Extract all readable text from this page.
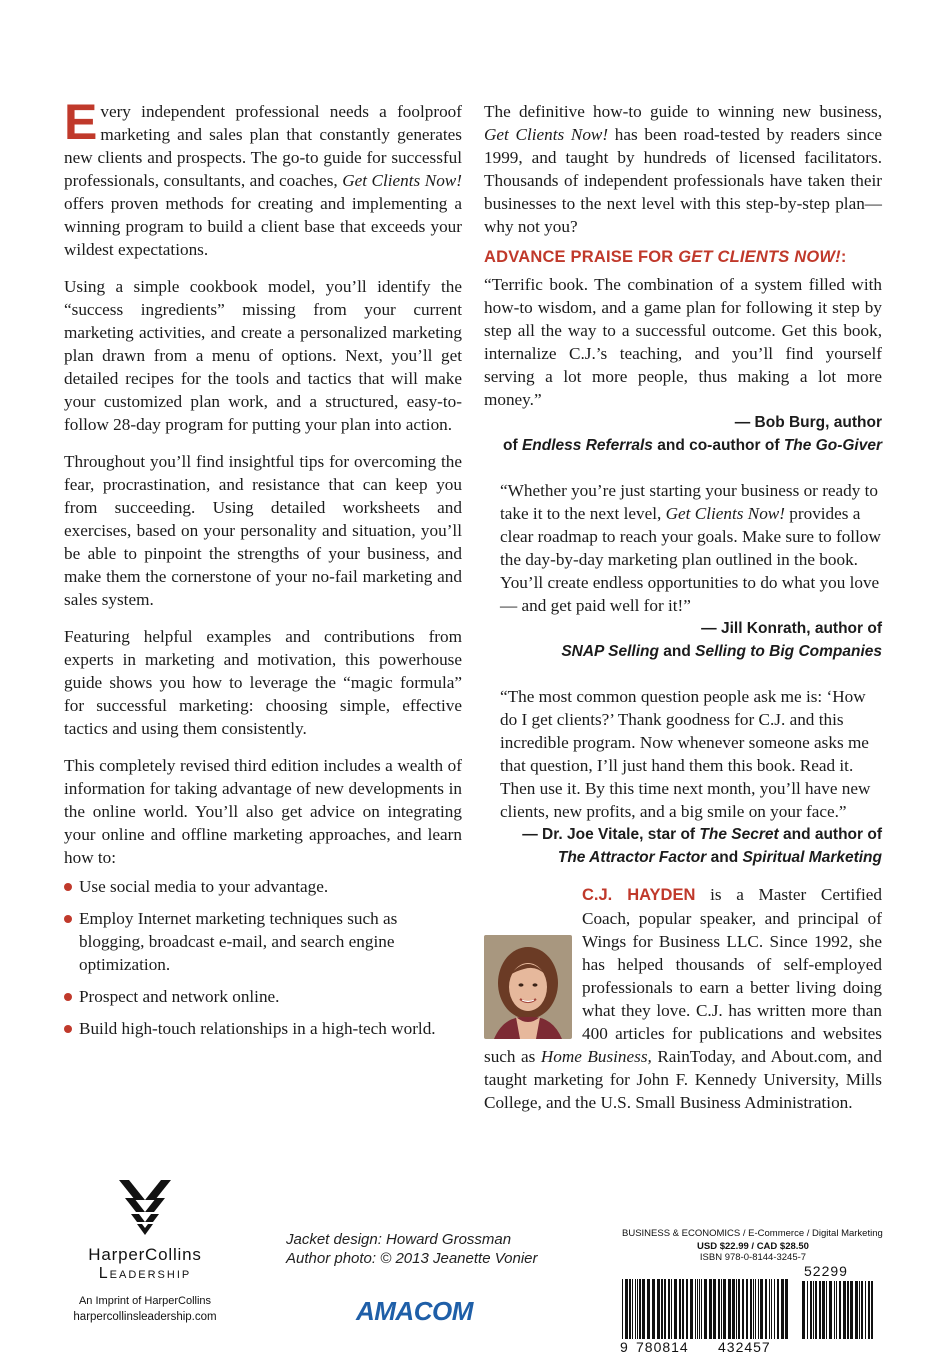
Every independent professional needs a foolproof marketing and sales plan that constantly generates new clients and prospects. The go-to guide for successful professionals, consultants, and coaches, Get Clients Now! offers proven methods for creating and implementing a winning program to build a client base that exceeds your wildest expectations.

Using a simple cookbook model, you’ll identify the “success ingredients” missing from your current marketing activities, and create a personalized marketing plan drawn from a menu of options. Next, you’ll get detailed recipes for the tools and tactics that will make your customized plan work, and a structured, easy-to-follow 28-day program for putting your plan into action.

Throughout you’ll find insightful tips for overcoming the fear, procrastination, and resistance that can keep you from succeeding. Using detailed worksheets and exercises, based on your personality and situation, you’ll be able to pinpoint the strengths of your business, and make them the cornerstone of your no-fail marketing and sales system.

Featuring helpful examples and contributions from experts in marketing and motivation, this powerhouse guide shows you how to leverage the “magic formula” for successful marketing: choosing simple, effective tactics and using them consistently.

This completely revised third edition includes a wealth of information for taking advantage of new developments in the online world. You’ll also get advice on integrating your online and offline marketing approaches, and learn how to:

Use social media to your advantage.
Employ Internet marketing techniques such as blogging, broadcast e-mail, and search engine optimization.
Prospect and network online.
Build high-touch relationships in a high-tech world.

The definitive how-to guide to winning new business, Get Clients Now! has been road-tested by readers since 1999, and taught by hundreds of licensed facilitators. Thousands of independent professionals have taken their businesses to the next level with this step-by-step plan—why not you?

ADVANCE PRAISE FOR GET CLIENTS NOW!:

“Terrific book. The combination of a system filled with how-to wisdom, and a game plan for following it step by step all the way to a successful outcome. Get this book, internalize C.J.’s teaching, and you’ll find yourself serving a lot more people, thus making a lot more money.”

— Bob Burg, author
of Endless Referrals and co-author of The Go-Giver

“Whether you’re just starting your business or ready to take it to the next level, Get Clients Now! provides a clear roadmap to reach your goals. Make sure to follow the day-by-day marketing plan outlined in the book. You’ll create endless opportunities to do what you love — and get paid well for it!”

— Jill Konrath, author of
SNAP Selling and Selling to Big Companies

“The most common question people ask me is: ‘How do I get clients?’ Thank goodness for C.J. and this incredible program. Now whenever someone asks me that question, I’ll just hand them this book. Read it. Then use it. By this time next month, you’ll have new clients, new profits, and a big smile on your face.”

— Dr. Joe Vitale, star of The Secret and author of
The Attractor Factor and Spiritual Marketing
C.J. HAYDEN is a Master Certified Coach, popular speaker, and principal of Wings for Business LLC. Since 1992, she has helped thousands of self-employed professionals to earn a better living doing what they love. C.J. has written more than 400 articles for publications and websites such as Home Business, RainToday, and About.com, and taught marketing for John F. Kennedy University, Mills College, and the U.S. Small Business Administration.
HarperCollins
Leadership
An Imprint of HarperCollins
harpercollinsleadership.com
Jacket design: Howard Grossman
Author photo: © 2013 Jeanette Vonier
AMACOM
BUSINESS & ECONOMICS / E-Commerce / Digital Marketing
USD $22.99 / CAD $28.50
ISBN 978-0-8144-3245-7
52299
9 780814 432457
